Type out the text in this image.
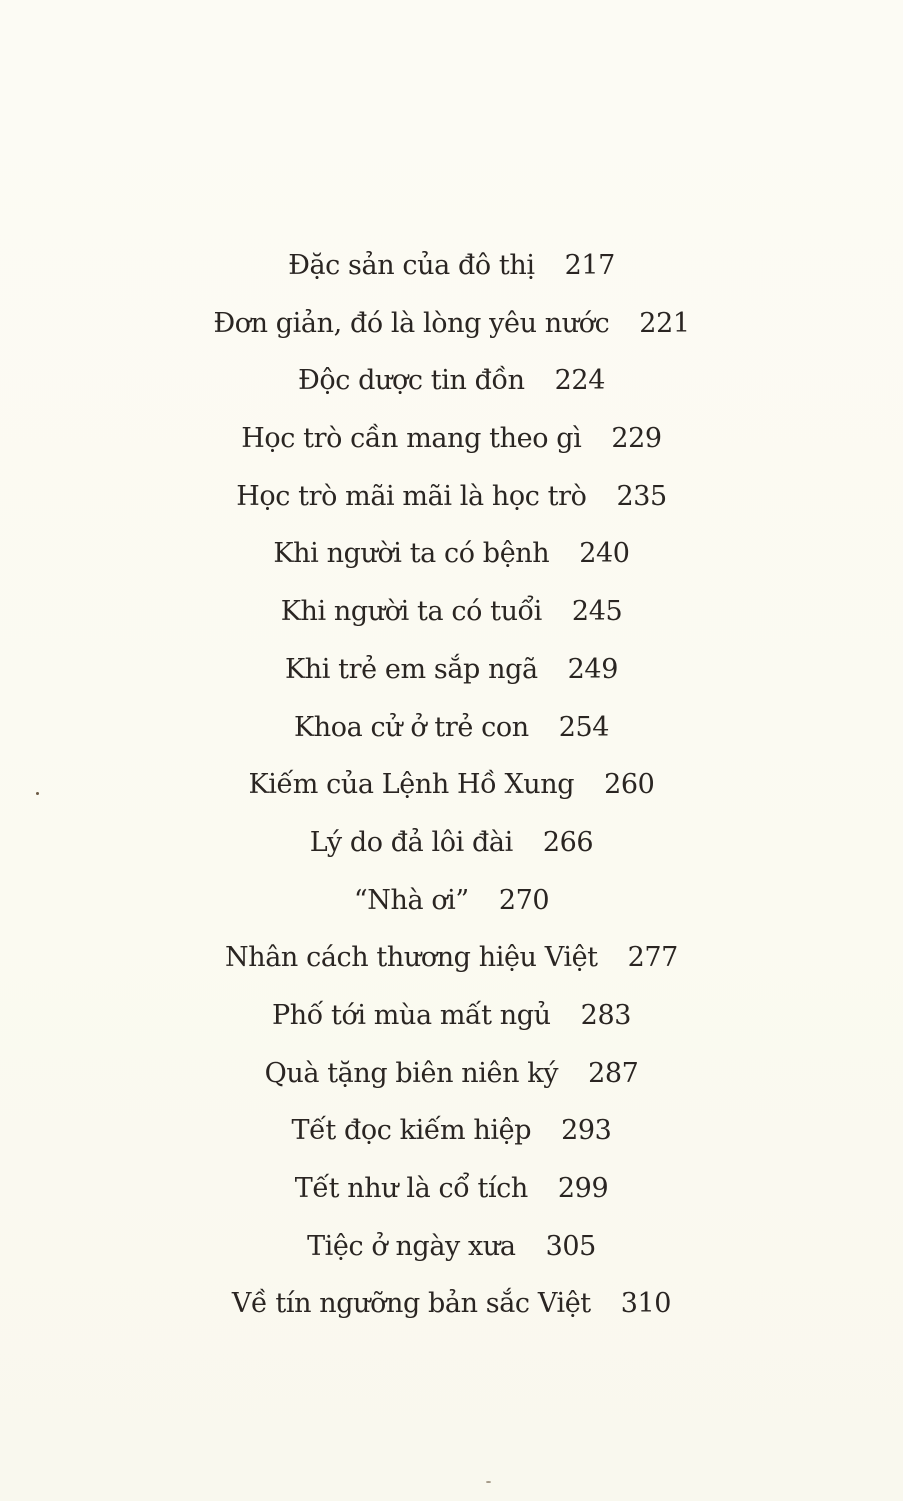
Đặc sản của đô thị 217
Đơn giản, đó là lòng yêu nước 221
Độc dược tin đồn 224
Học trò cần mang theo gì 229
Học trò mãi mãi là học trò 235
Khi người ta có bệnh 240
Khi người ta có tuổi 245
Khi trẻ em sắp ngã 249
Khoa cử ở trẻ con 254
Kiếm của Lệnh Hồ Xung 260
Lý do đả lôi đài 266
“Nhà ơi” 270
Nhân cách thương hiệu Việt 277
Phố tới mùa mất ngủ 283
Quà tặng biên niên ký 287
Tết đọc kiếm hiệp 293
Tết như là cổ tích 299
Tiệc ở ngày xưa 305
Về tín ngưỡng bản sắc Việt 310
